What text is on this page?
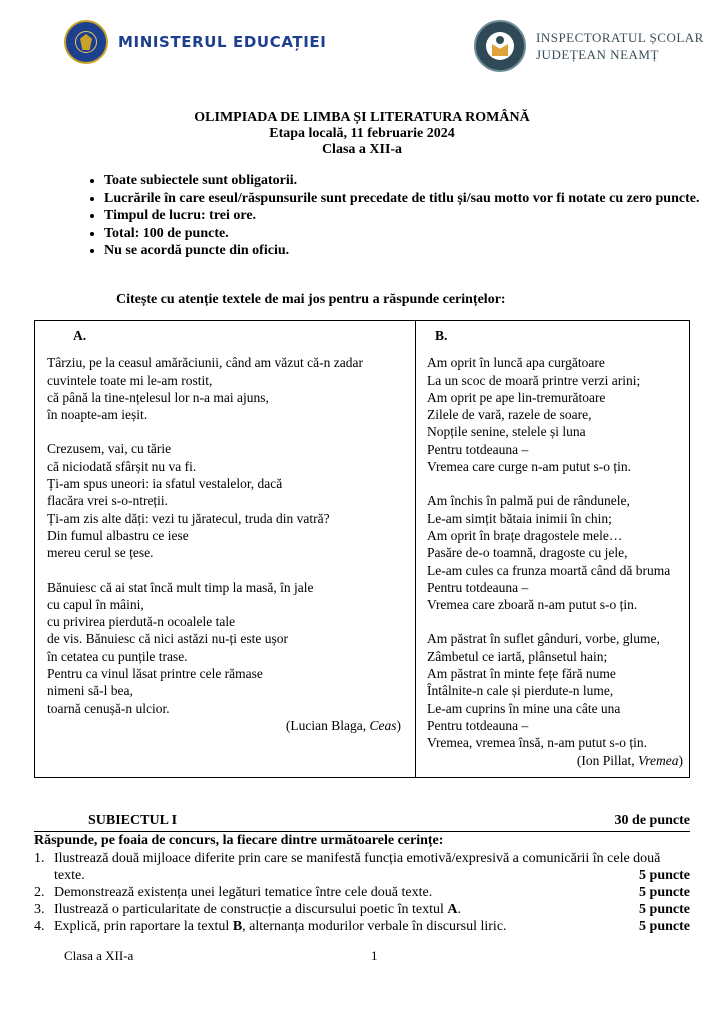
MINISTERUL EDUCAȚIEI	INSPECTORATUL ȘCOLAR
JUDEȚEAN NEAMȚ
OLIMPIADA DE LIMBA ȘI LITERATURA ROMÂNĂ
Etapa locală, 11 februarie 2024
Clasa a XII-a
• Toate subiectele sunt obligatorii.
• Lucrările în care eseul/răspunsurile sunt precedate de titlu și/sau motto vor fi notate cu zero puncte.
• Timpul de lucru: trei ore.
• Total: 100 de puncte.
• Nu se acordă puncte din oficiu.
Citește cu atenție textele de mai jos pentru a răspunde cerințelor:
A.
Târziu, pe la ceasul amărăciunii, când am văzut că-n zadar
cuvintele toate mi le-am rostit,
că până la tine-nțelesul lor n-a mai ajuns,
în noapte-am ieșit.
Crezusem, vai, cu tărie
că niciodată sfârșit nu va fi.
Ți-am spus uneori: ia sfatul vestalelor, dacă
flacăra vrei s-o-ntrеții.
Ți-am zis alte dăți: vezi tu jăratecul, truda din vatră?
Din fumul albastru ce iese
mereu cerul se țese.
Bănuiesc că ai stat încă mult timp la masă, în jale
cu capul în mâini,
cu privirea pierdută-n ocoalele tale
de vis. Bănuiesc că nici astăzi nu-ți este ușor
în cetatea cu punțile trase.
Pentru ca vinul lăsat printre cele rămase
nimeni să-l bea,
toarnă cenușă-n ulcior.
(Lucian Blaga, Ceas)
B.
Am oprit în luncă apa curgătoare
La un scoc de moară printre verzi arini;
Am oprit pe ape lin-tremurătoare
Zilele de vară, razele de soare,
Nopțile senine, stelele și luna
Pentru totdeauna –
Vremea care curge n-am putut s-o țin.
Am închis în palmă pui de rândunele,
Le-am simțit bătaia inimii în chin;
Am oprit în brațe dragostele mele…
Pasăre de-o toamnă, dragoste cu jele,
Le-am cules ca frunza moartă când dă bruma
Pentru totdeauna –
Vremea care zboară n-am putut s-o țin.
Am păstrat în suflet gânduri, vorbe, glume,
Zâmbetul ce iartă, plânsetul hain;
Am păstrat în minte fețe fără nume
Întâlnite-n cale și pierdute-n lume,
Le-am cuprins în mine una câte una
Pentru totdeauna –
Vremea, vremea însă, n-am putut s-o țin.
(Ion Pillat, Vremea)
SUBIECTUL I	30 de puncte
Răspunde, pe foaia de concurs, la fiecare dintre următoarele cerințe:
1. Ilustrează două mijloace diferite prin care se manifestă funcția emotivă/expresivă a comunicării în cele două texte.	5 puncte
2. Demonstrează existența unei legături tematice între cele două texte.	5 puncte
3. Ilustrează o particularitate de construcție a discursului poetic în textul A.	5 puncte
4. Explică, prin raportare la textul B, alternanța modurilor verbale în discursul liric.	5 puncte
Clasa a XII-a	1
